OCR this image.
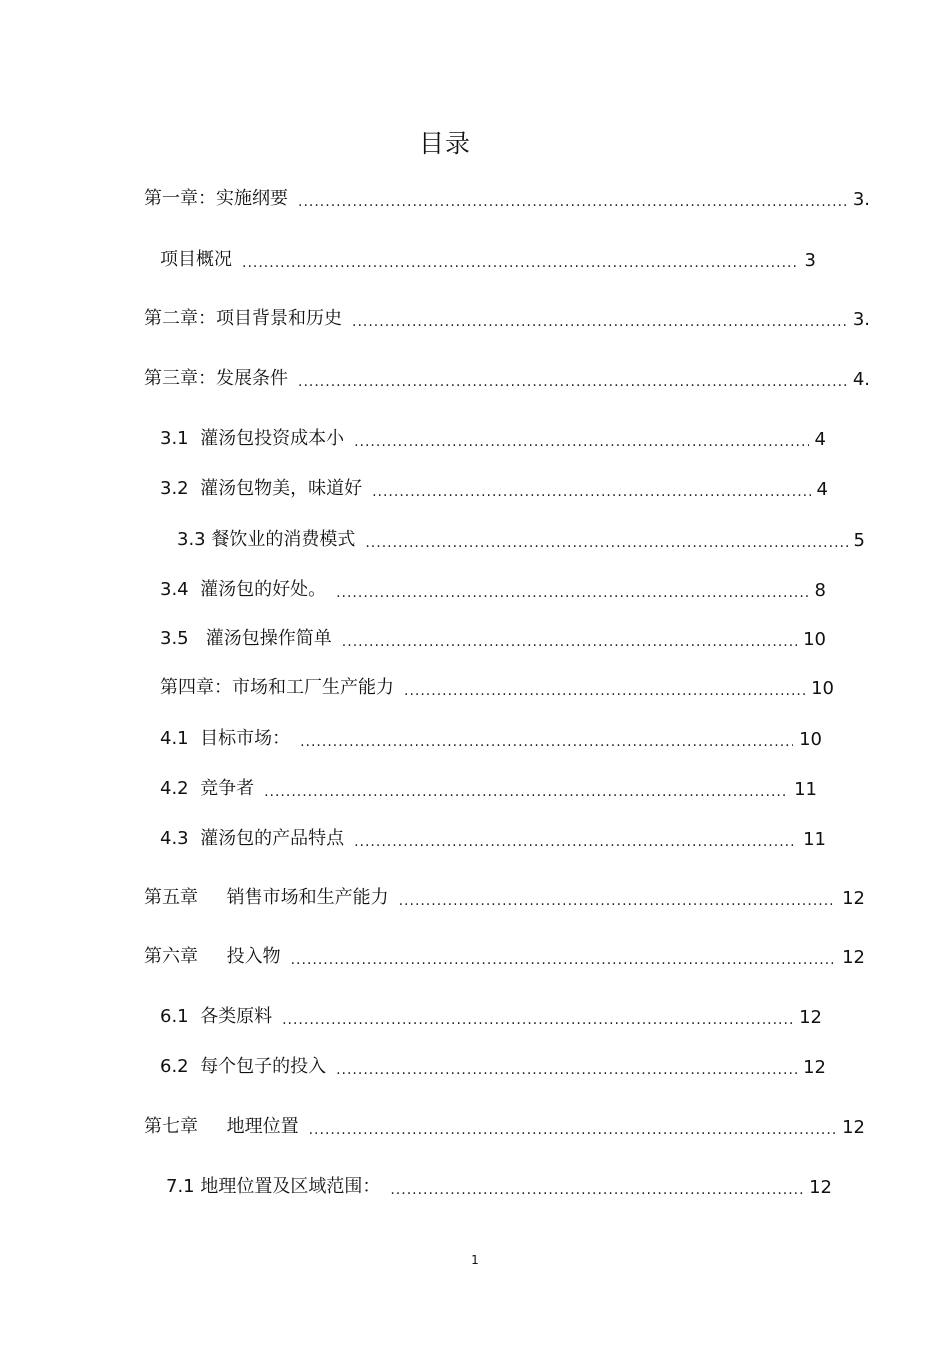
目录
第一章：实施纲要 .....	3.
项目概况 .....	3
第二章：项目背景和历史 .....	3.
第三章：发展条件 .....	4.
3.1  灌汤包投资成本小 .....	4
3.2  灌汤包物美，味道好 .....	4
3.3 餐饮业的消费模式 .....	5
3.4  灌汤包的好处。 .....	8
3.5   灌汤包操作简单 .....	10
第四章：市场和工厂生产能力 .....	10
4.1  目标市场： .....	10
4.2  竞争者 .....	11
4.3  灌汤包的产品特点 .....	11
第五章     销售市场和生产能力 .....	12
第六章     投入物 .....	12
6.1  各类原料 .....	12
6.2  每个包子的投入 .....	12
第七章     地理位置 .....	12
7.1 地理位置及区域范围： .....	12
1
